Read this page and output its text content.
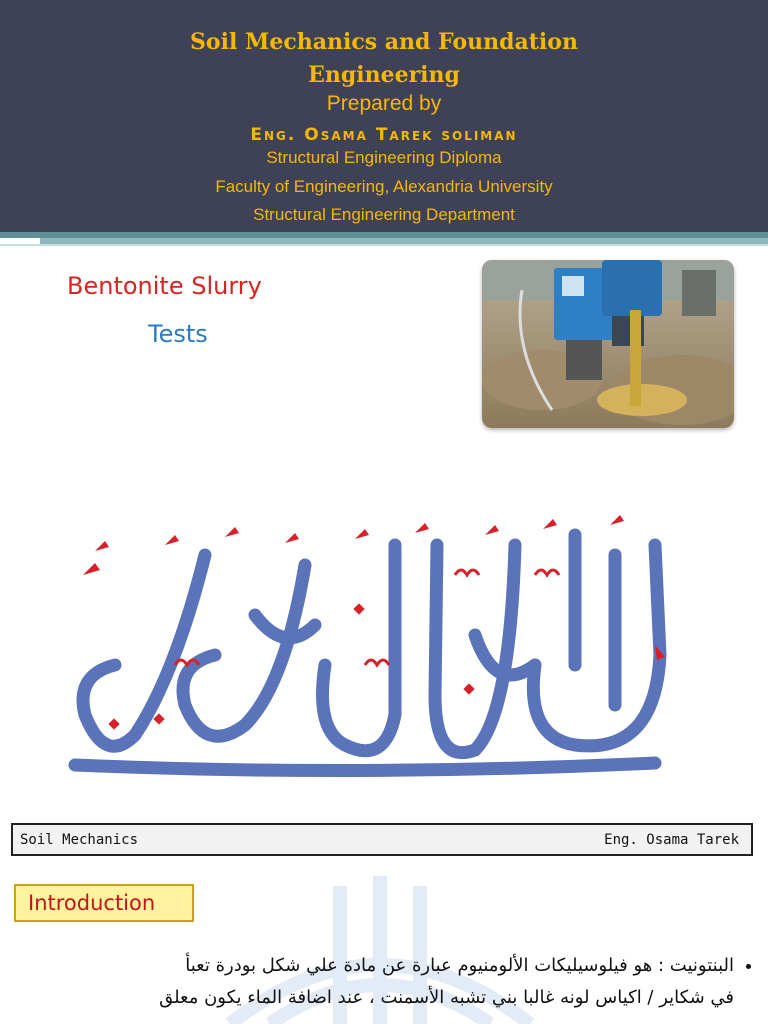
Soil Mechanics and Foundation
Engineering
Prepared by
Eng. Osama Tarek soliman
Structural Engineering Diploma
Faculty of Engineering, Alexandria University
Structural Engineering Department
Bentonite Slurry
Tests
Soil Mechanics	Eng. Osama Tarek
Introduction
• البنتونيت : هو فيلوسيليكات الألومنيوم عبارة عن مادة علي شكل بودرة تعبأ
في شكاير / اكياس لونه غالبا بني تشبه الأسمنت ، عند اضافة الماء يكون معلق
